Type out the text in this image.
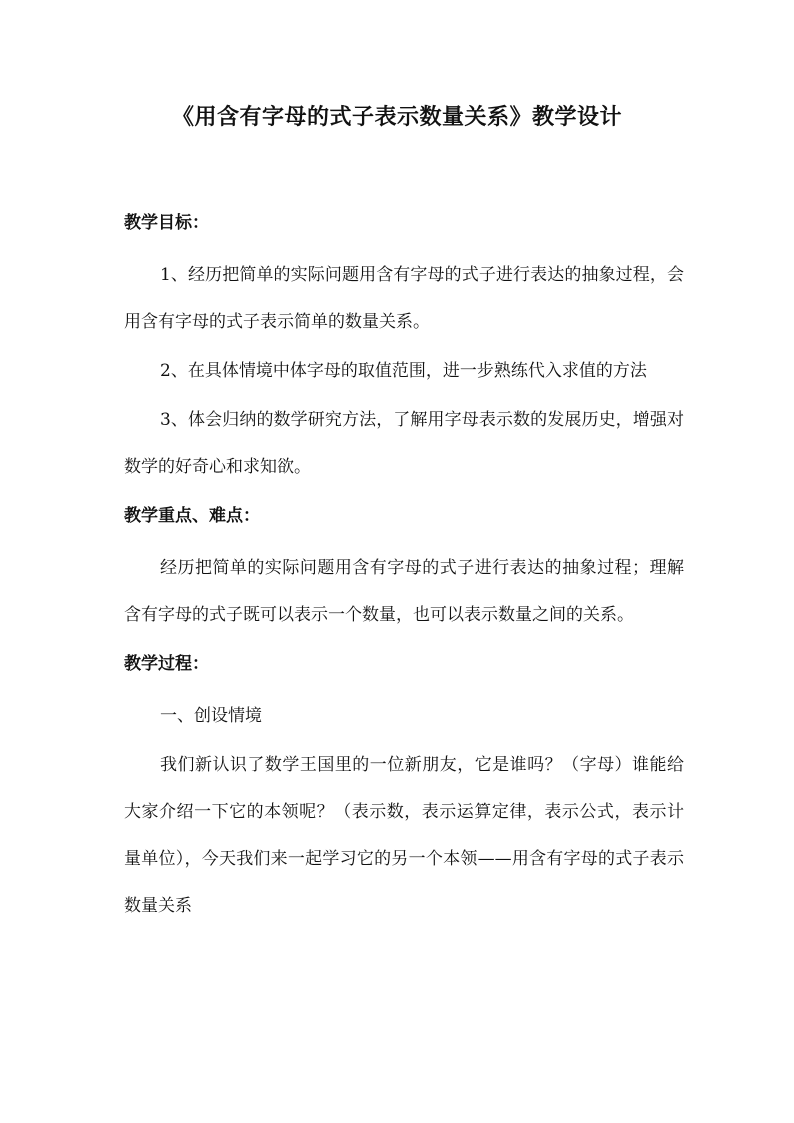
《用含有字母的式子表示数量关系》教学设计
教学目标：

1、经历把简单的实际问题用含有字母的式子进行表达的抽象过程，会用含有字母的式子表示简单的数量关系。

2、在具体情境中体字母的取值范围，进一步熟练代入求值的方法

3、体会归纳的数学研究方法，了解用字母表示数的发展历史，增强对数学的好奇心和求知欲。

教学重点、难点：

经历把简单的实际问题用含有字母的式子进行表达的抽象过程；理解含有字母的式子既可以表示一个数量，也可以表示数量之间的关系。

教学过程：

一、创设情境

我们新认识了数学王国里的一位新朋友，它是谁吗？（字母）谁能给大家介绍一下它的本领呢？（表示数，表示运算定律，表示公式，表示计量单位），今天我们来一起学习它的另一个本领——用含有字母的式子表示数量关系
